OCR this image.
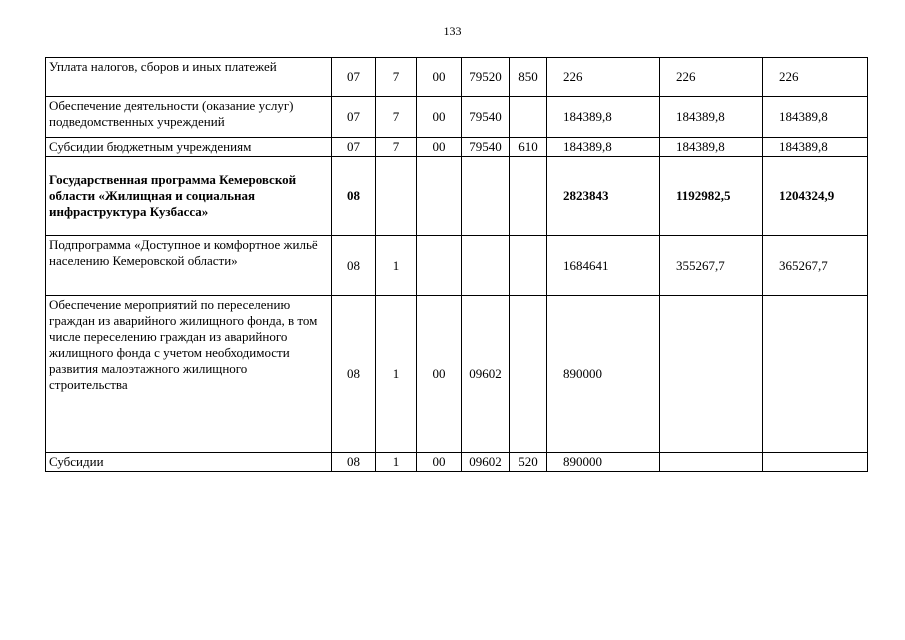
133
Уплата налогов, сборов и иных платежей	07	7	00	79520	850	226	226	226
Обеспечение деятельности (оказание услуг) подведомственных учреждений	07	7	00	79540		184389,8	184389,8	184389,8
Субсидии бюджетным учреждениям	07	7	00	79540	610	184389,8	184389,8	184389,8
Государственная программа Кемеровской области «Жилищная и социальная инфраструктура Кузбасса»	08					2823843	1192982,5	1204324,9
Подпрограмма «Доступное и комфортное жильё населению Кемеровской области»	08	1				1684641	355267,7	365267,7
Обеспечение мероприятий по переселению граждан из аварийного жилищного фонда, в том числе переселению граждан из аварийного жилищного фонда с учетом необходимости развития малоэтажного жилищного строительства	08	1	00	09602		890000		
Субсидии	08	1	00	09602	520	890000		
